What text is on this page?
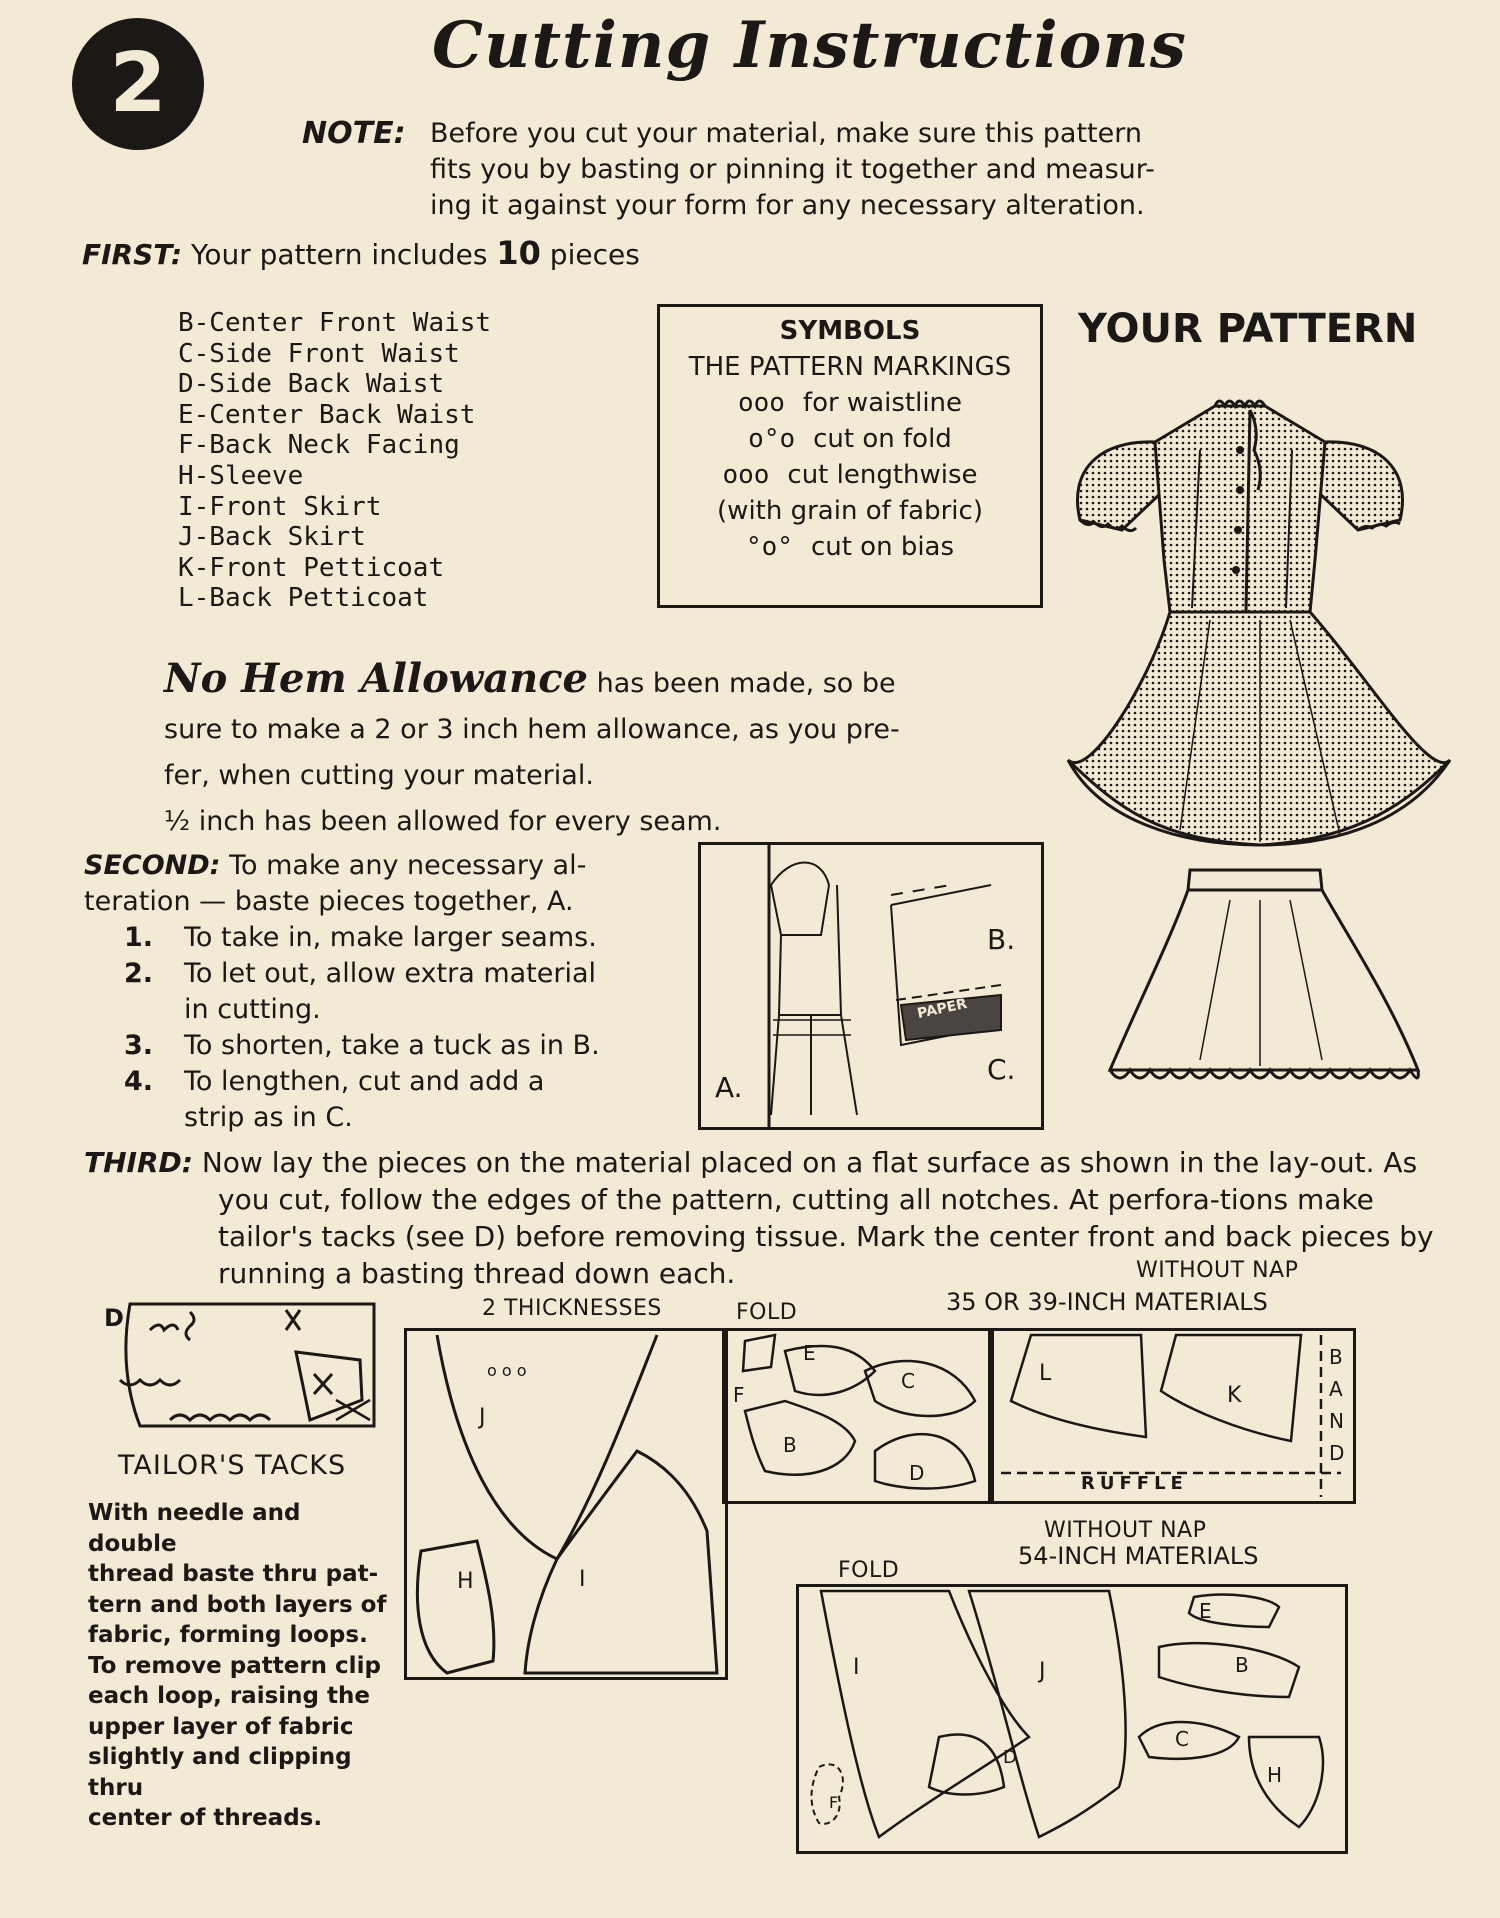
2	Cutting Instructions
NOTE: Before you cut your material, make sure this pattern
fits you by basting or pinning it together and measur-
ing it against your form for any necessary alteration.
FIRST: Your pattern includes 10 pieces
B-Center Front Waist
C-Side Front Waist
D-Side Back Waist
E-Center Back Waist
F-Back Neck Facing
H-Sleeve
I-Front Skirt
J-Back Skirt
K-Front Petticoat
L-Back Petticoat
SYMBOLS
THE PATTERN MARKINGS
ooo for waistline
o°o cut on fold
ooo cut lengthwise
(with grain of fabric)
°o° cut on bias
YOUR PATTERN
No Hem Allowance has been made, so be
sure to make a 2 or 3 inch hem allowance, as you pre-
fer, when cutting your material.
½ inch has been allowed for every seam.
SECOND: To make any necessary al-
teration — baste pieces together, A.
1.	To take in, make larger seams.
2.	To let out, allow extra material in cutting.
3.	To shorten, take a tuck as in B.
4.	To lengthen, cut and add a strip as in C.
B.
C.
A.
PAPER
THIRD: Now lay the pieces on the material placed on a flat surface as shown in the lay-out. As you cut, follow the edges of the pattern, cutting all notches. At perfora-tions make tailor's tacks (see D) before removing tissue. Mark the center front and back pieces by running a basting thread down each.	WITHOUT NAP
35 OR 39-INCH MATERIALS
2 THICKNESSES	FOLD
o o o
J
H	I
E
F
C
B
D
L
K
RUFFLE
BAND
WITHOUT NAP
54-INCH MATERIALS
FOLD
I	J
E
B
D
C
H
F
D
TAILOR'S TACKS
With needle and double
thread baste thru pat-
tern and both layers of
fabric, forming loops.
To remove pattern clip
each loop, raising the
upper layer of fabric
slightly and clipping thru
center of threads.
